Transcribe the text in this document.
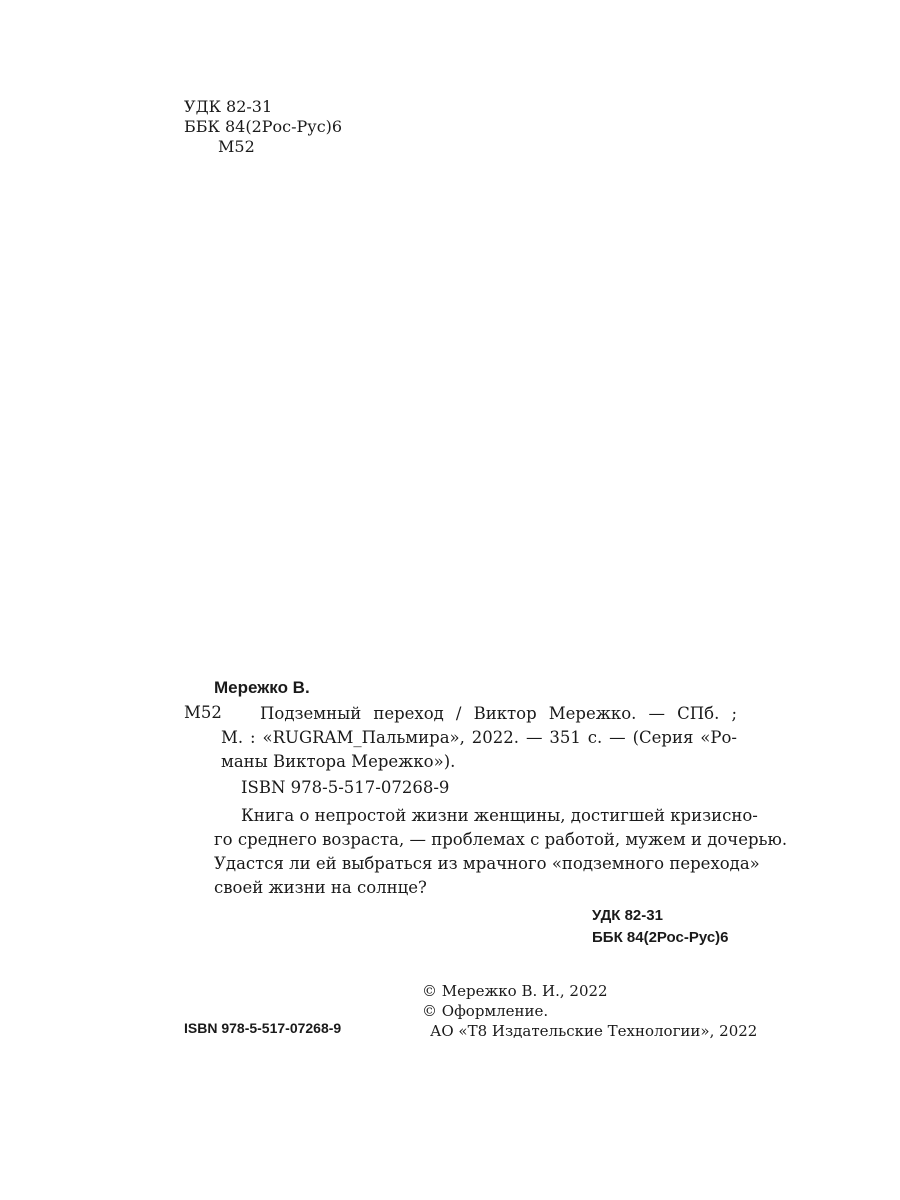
УДК 82-31
ББК 84(2Рос-Рус)6
М52
Мережко В.
М52 Подземный переход / Виктор Мережко. — СПб. ;
М. : «RUGRAM_Пальмира», 2022. — 351 с. — (Серия «Ро-
маны Виктора Мережко»).
ISBN 978-5-517-07268-9
Книга о непростой жизни женщины, достигшей кризисно-
го среднего возраста, — проблемах с работой, мужем и дочерью.
Удастся ли ей выбраться из мрачного «подземного перехода»
своей жизни на солнце?
УДК 82-31
ББК 84(2Рос-Рус)6
© Мережко В. И., 2022
© Оформление.
АО «Т8 Издательские Технологии», 2022
ISBN 978-5-517-07268-9
